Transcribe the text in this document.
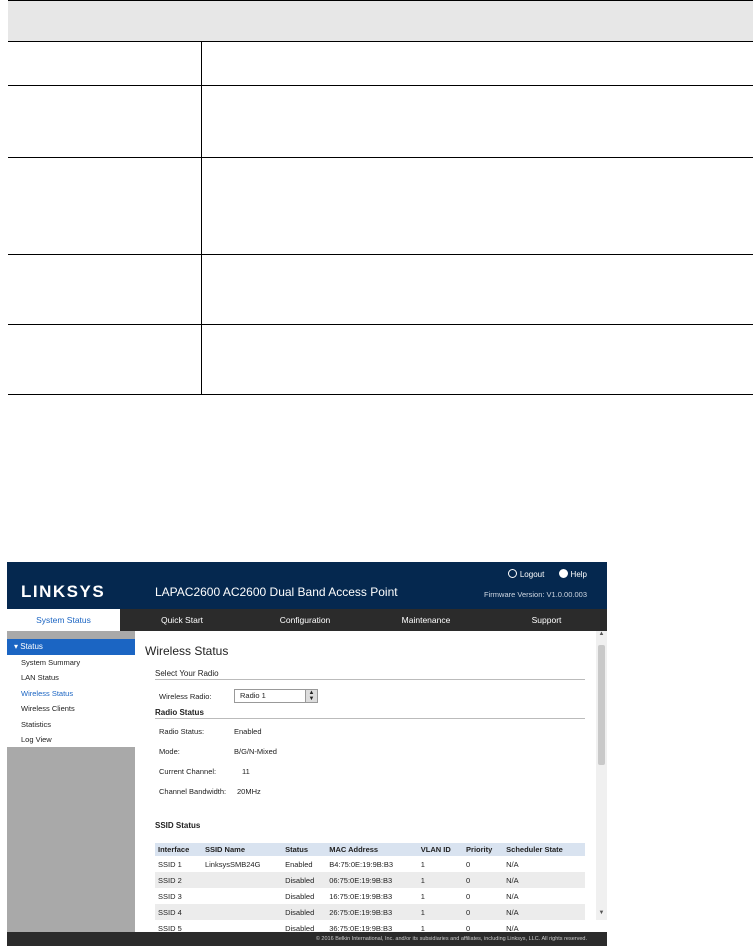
LINKSYS	LAPAC2600 AC2600 Dual Band Access Point
Logout	Help
Firmware Version: V1.0.00.003
System Status	Quick Start	Configuration	Maintenance	Support
▾ Status
System Summary
LAN Status
Wireless Status
Wireless Clients
Statistics
Log View
Wireless Status
Select Your Radio
Wireless Radio:	Radio 1	▲
▼
Radio Status
Radio Status:	Enabled
Mode:	B/G/N-Mixed
Current Channel:	11
Channel Bandwidth: 20MHz
SSID Status
Interface	SSID Name	Status	MAC Address	VLAN ID	Priority	Scheduler State
SSID 1	LinksysSMB24G	Enabled	B4:75:0E:19:9B:B3	1	0	N/A
SSID 2		Disabled	06:75:0E:19:9B:B3	1	0	N/A
SSID 3		Disabled	16:75:0E:19:9B:B3	1	0	N/A
SSID 4		Disabled	26:75:0E:19:9B:B3	1	0	N/A
SSID 5		Disabled	36:75:0E:19:9B:B3	1	0	N/A
▲
▼
© 2016 Belkin International, Inc. and/or its subsidiaries and affiliates, including Linksys, LLC. All rights reserved.
